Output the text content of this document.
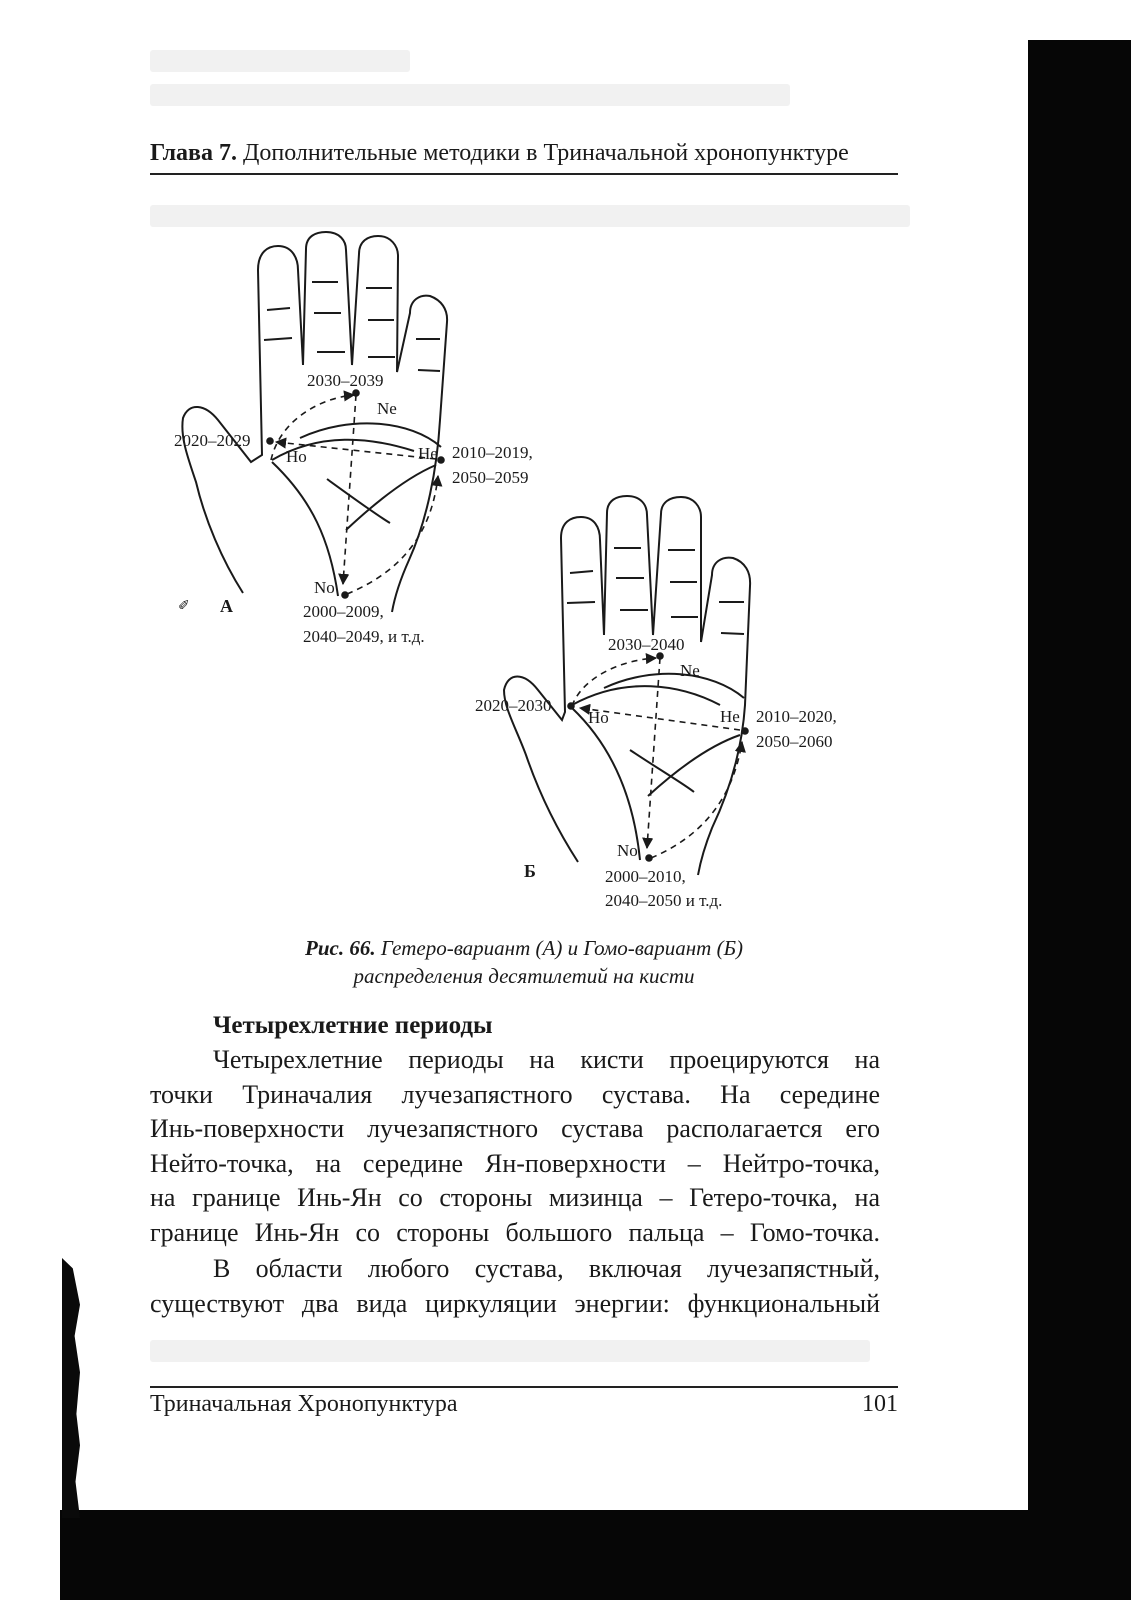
Глава 7. Дополнительные методики в Триначальной хронопунктуре
2030–2039
Ne
2020–2029
Ho	He 2010–2019,
2050–2059
No
2000–2009,
2040–2049, и т.д.
А
✐
2030–2040
Ne
2020–2030
Ho	He 2010–2020,
2050–2060
No
2000–2010,
2040–2050 и т.д.
Б
Рис. 66. Гетеро-вариант (А) и Гомо-вариант (Б)
распределения десятилетий на кисти
Четырехлетние периоды
Четырехлетние периоды на кисти проецируются на
точки Триначалия лучезапястного сустава. На середине
Инь-поверхности лучезапястного сустава располагается его
Нейто-точка, на середине Ян-поверхности – Нейтро-точка,
на границе Инь-Ян со стороны мизинца – Гетеро-точка, на
границе Инь-Ян со стороны большого пальца – Гомо-точка.
В области любого сустава, включая лучезапястный,
существуют два вида циркуляции энергии: функциональный
Триначальная Хронопунктура	101
